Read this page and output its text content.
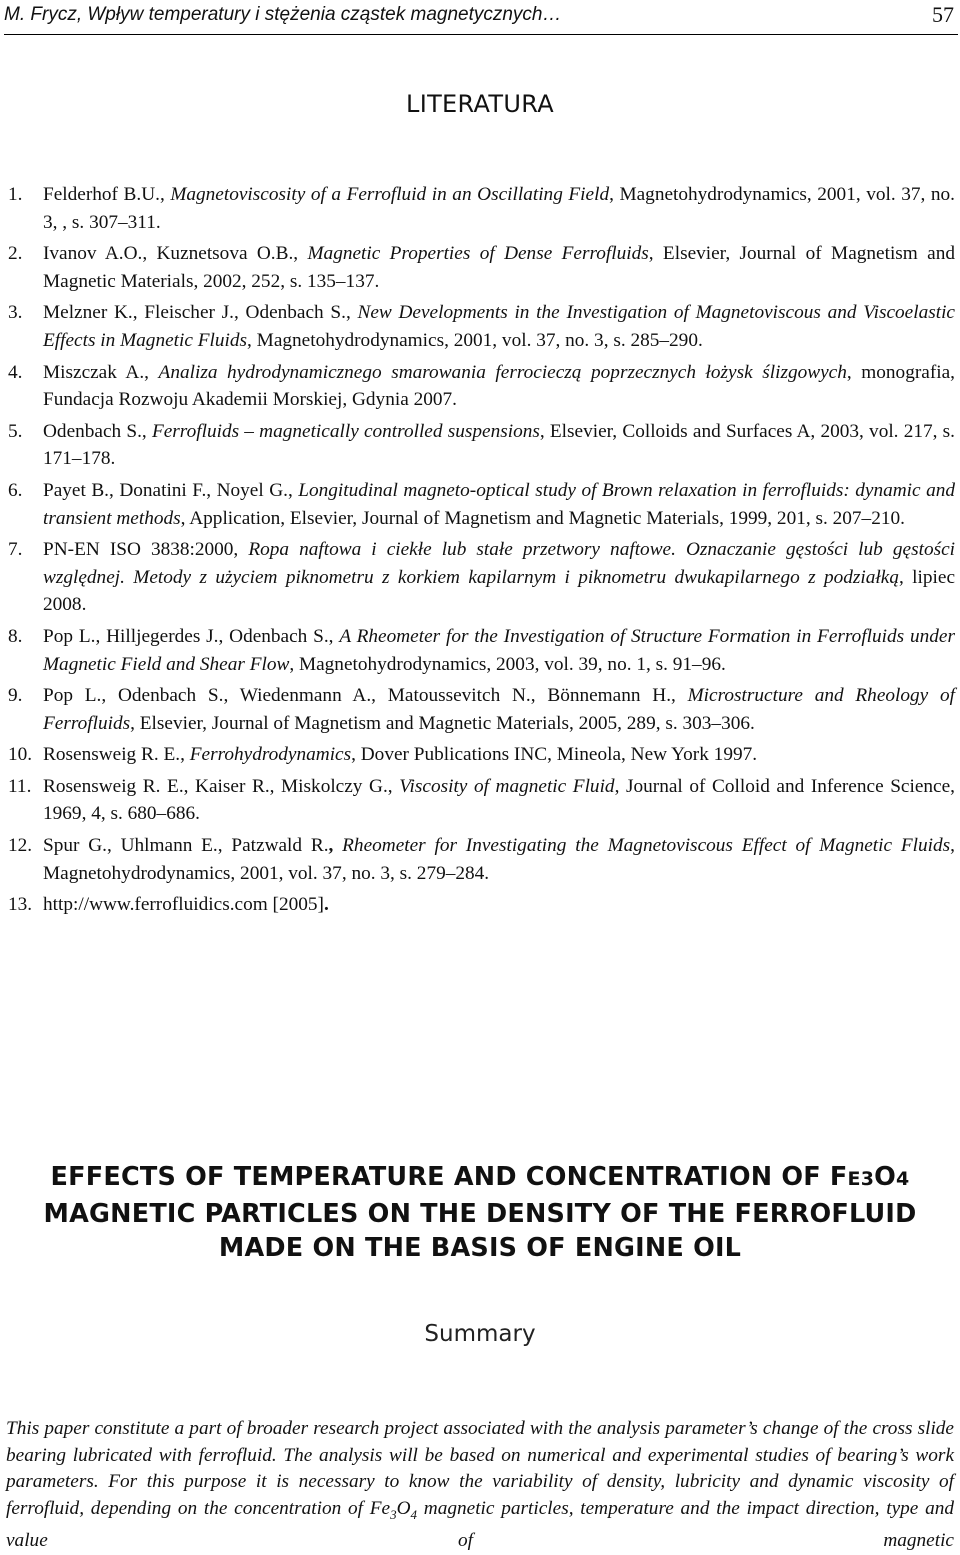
M. Frycz, Wpływ temperatury i stężenia cząstek magnetycznych…	57
LITERATURA
1. Felderhof B.U., Magnetoviscosity of a Ferrofluid in an Oscillating Field, Magnetohydrodynamics, 2001, vol. 37, no. 3, , s. 307–311.
2. Ivanov A.O., Kuznetsova O.B., Magnetic Properties of Dense Ferrofluids, Elsevier, Journal of Magnetism and Magnetic Materials, 2002, 252, s. 135–137.
3. Melzner K., Fleischer J., Odenbach S., New Developments in the Investigation of Magnetoviscous and Viscoelastic Effects in Magnetic Fluids, Magnetohydrodynamics, 2001, vol. 37, no. 3, s. 285–290.
4. Miszczak A., Analiza hydrodynamicznego smarowania ferrocieczą poprzecznych łożysk ślizgowych, monografia, Fundacja Rozwoju Akademii Morskiej, Gdynia 2007.
5. Odenbach S., Ferrofluids – magnetically controlled suspensions, Elsevier, Colloids and Surfaces A, 2003, vol. 217, s. 171–178.
6. Payet B., Donatini F., Noyel G., Longitudinal magneto-optical study of Brown relaxation in ferrofluids: dynamic and transient methods, Application, Elsevier, Journal of Magnetism and Magnetic Materials, 1999, 201, s. 207–210.
7. PN-EN ISO 3838:2000, Ropa naftowa i ciekłe lub stałe przetwory naftowe. Oznaczanie gęstości lub gęstości względnej. Metody z użyciem piknometru z korkiem kapilarnym i piknometru dwukapilarnego z podziałką, lipiec 2008.
8. Pop L., Hilljegerdes J., Odenbach S., A Rheometer for the Investigation of Structure Formation in Ferrofluids under Magnetic Field and Shear Flow, Magnetohydrodynamics, 2003, vol. 39, no. 1, s. 91–96.
9. Pop L., Odenbach S., Wiedenmann A., Matoussevitch N., Bönnemann H., Microstructure and Rheology of Ferrofluids, Elsevier, Journal of Magnetism and Magnetic Materials, 2005, 289, s. 303–306.
10. Rosensweig R. E., Ferrohydrodynamics, Dover Publications INC, Mineola, New York 1997.
11. Rosensweig R. E., Kaiser R., Miskolczy G., Viscosity of magnetic Fluid, Journal of Colloid and Inference Science, 1969, 4, s. 680–686.
12. Spur G., Uhlmann E., Patzwald R., Rheometer for Investigating the Magnetoviscous Effect of Magnetic Fluids, Magnetohydrodynamics, 2001, vol. 37, no. 3, s. 279–284.
13. http://www.ferrofluidics.com [2005].
EFFECTS OF TEMPERATURE AND CONCENTRATION OF FE3O4
MAGNETIC PARTICLES ON THE DENSITY OF THE FERROFLUID
MADE ON THE BASIS OF ENGINE OIL
Summary

This paper constitute a part of broader research project associated with the analysis parameter’s change of the cross slide bearing lubricated with ferrofluid. The analysis will be based on numerical and experimental studies of bearing’s work parameters. For this purpose it is necessary to know the variability of density, lubricity and dynamic viscosity of ferrofluid, depending on the concentration of $Fe_3O_4$ magnetic particles, temperature and the impact direction, type and value of magnetic
